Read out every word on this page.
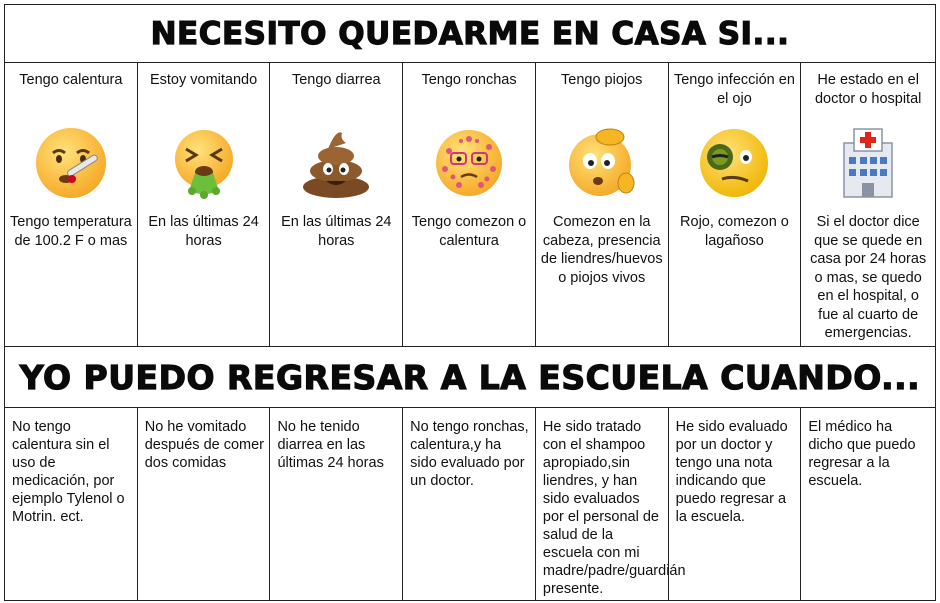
NECESITO QUEDARME EN CASA SI...
Tengo calentura
Tengo temperatura de 100.2 F o mas
Estoy vomitando
En las últimas 24 horas
Tengo diarrea
En las últimas 24 horas
Tengo ronchas
Tengo comezon o calentura
Tengo piojos
Comezon en la cabeza, presencia de liendres/huevos o piojos vivos
Tengo infección en el ojo
Rojo, comezon o lagañoso
He estado en el doctor o hospital
Si el doctor dice que se quede en casa por 24 horas o mas, se quedo en el hospital, o fue al cuarto de emergencias.
YO PUEDO REGRESAR A LA ESCUELA CUANDO...
No tengo calentura sin el uso de medicación, por ejemplo Tylenol o Motrin. ect.
No he vomitado después de comer dos comidas
No he tenido diarrea en las últimas 24 horas
No tengo ronchas, calentura,y ha sido evaluado por un doctor.
He sido tratado con el shampoo apropiado,sin liendres, y han sido evaluados por el personal de salud de la escuela con mi madre/padre/guardián presente.
He sido evaluado por un doctor y tengo una nota indicando que puedo regresar a la escuela.
El médico ha dicho que puedo regresar a la escuela.
